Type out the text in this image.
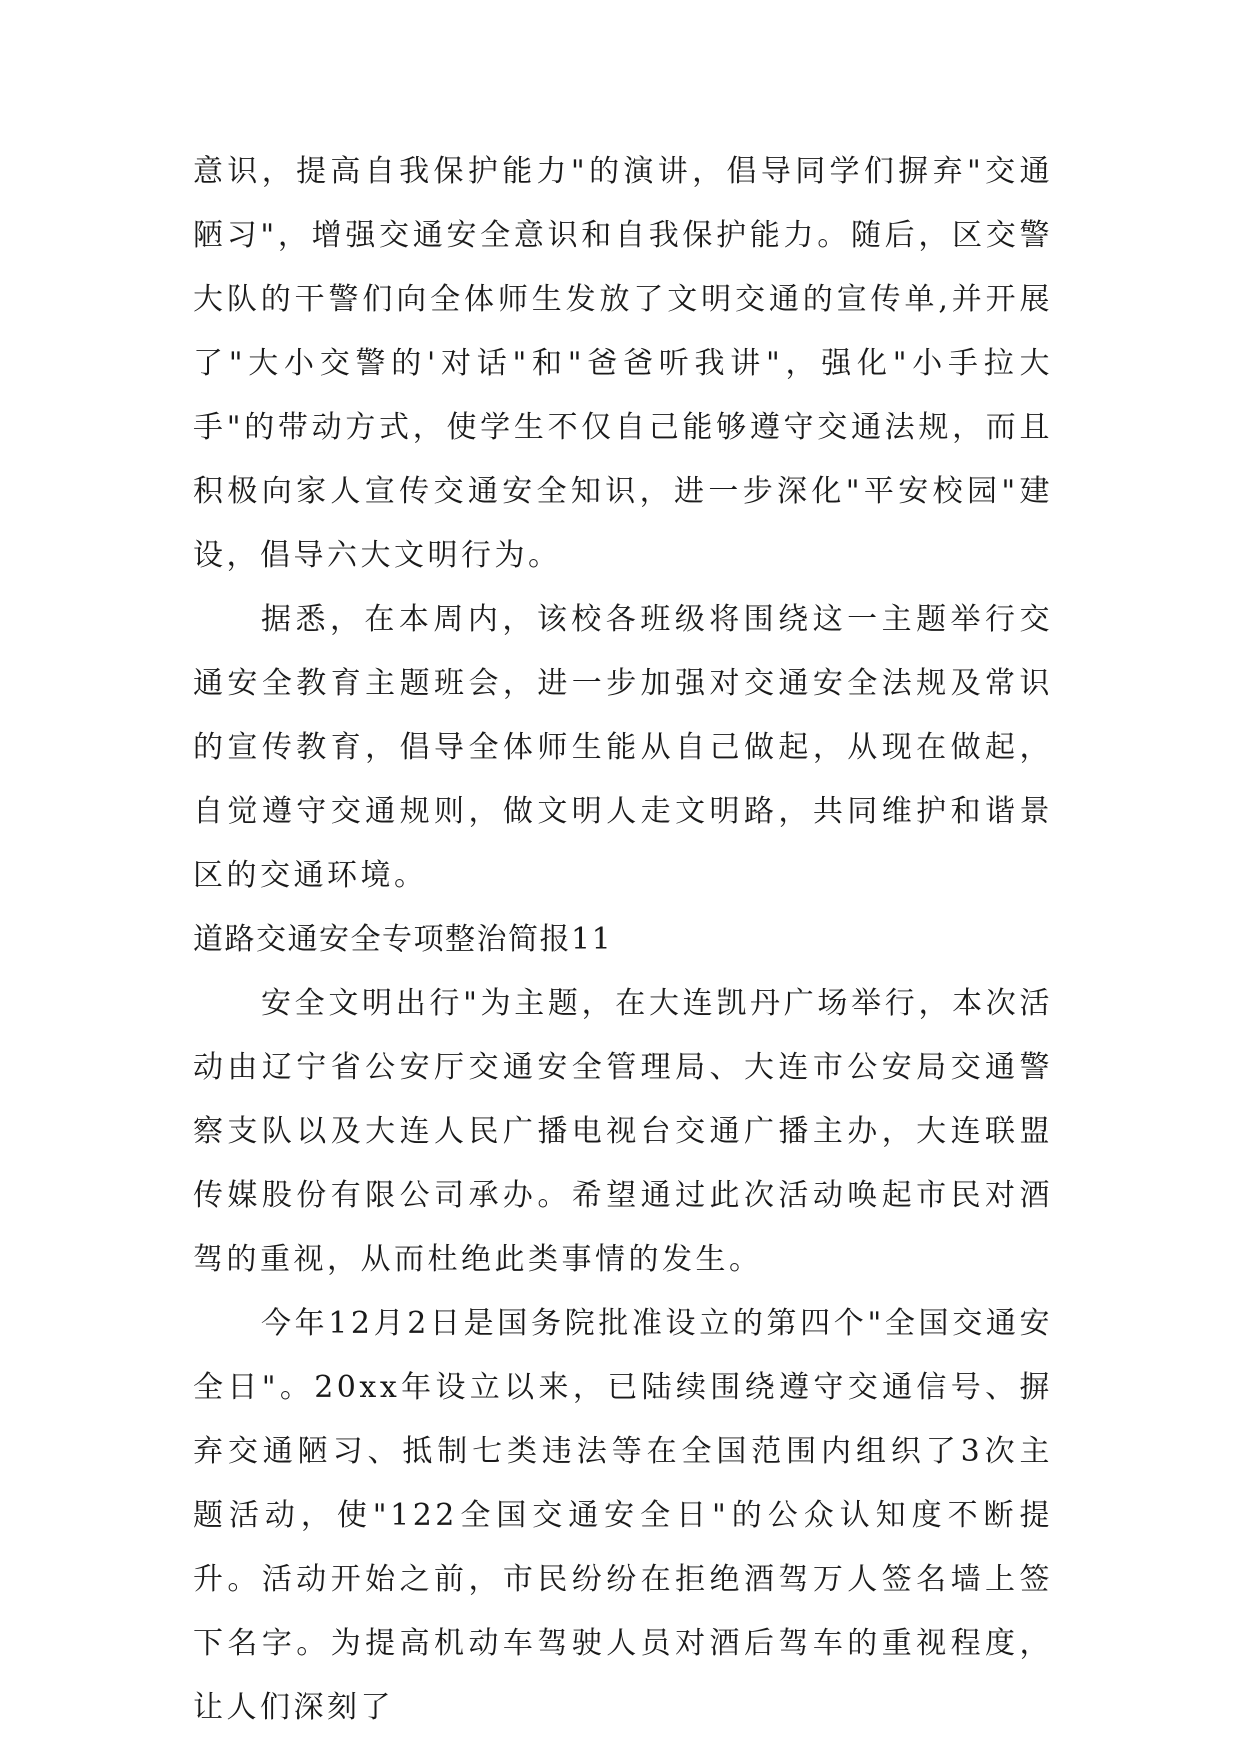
意识，提高自我保护能力"的演讲，倡导同学们摒弃"交通陋习"，增强交通安全意识和自我保护能力。随后，区交警大队的干警们向全体师生发放了文明交通的宣传单,并开展了"大小交警的'对话"和"爸爸听我讲"，强化"小手拉大手"的带动方式，使学生不仅自己能够遵守交通法规，而且积极向家人宣传交通安全知识，进一步深化"平安校园"建设，倡导六大文明行为。

据悉，在本周内，该校各班级将围绕这一主题举行交通安全教育主题班会，进一步加强对交通安全法规及常识的宣传教育，倡导全体师生能从自己做起，从现在做起，自觉遵守交通规则，做文明人走文明路，共同维护和谐景区的交通环境。

道路交通安全专项整治简报11

安全文明出行"为主题，在大连凯丹广场举行，本次活动由辽宁省公安厅交通安全管理局、大连市公安局交通警察支队以及大连人民广播电视台交通广播主办，大连联盟传媒股份有限公司承办。希望通过此次活动唤起市民对酒驾的重视，从而杜绝此类事情的发生。

今年12月2日是国务院批准设立的第四个"全国交通安全日"。20xx年设立以来，已陆续围绕遵守交通信号、摒弃交通陋习、抵制七类违法等在全国范围内组织了3次主题活动，使"122全国交通安全日"的公众认知度不断提升。活动开始之前，市民纷纷在拒绝酒驾万人签名墙上签下名字。为提高机动车驾驶人员对酒后驾车的重视程度，让人们深刻了
